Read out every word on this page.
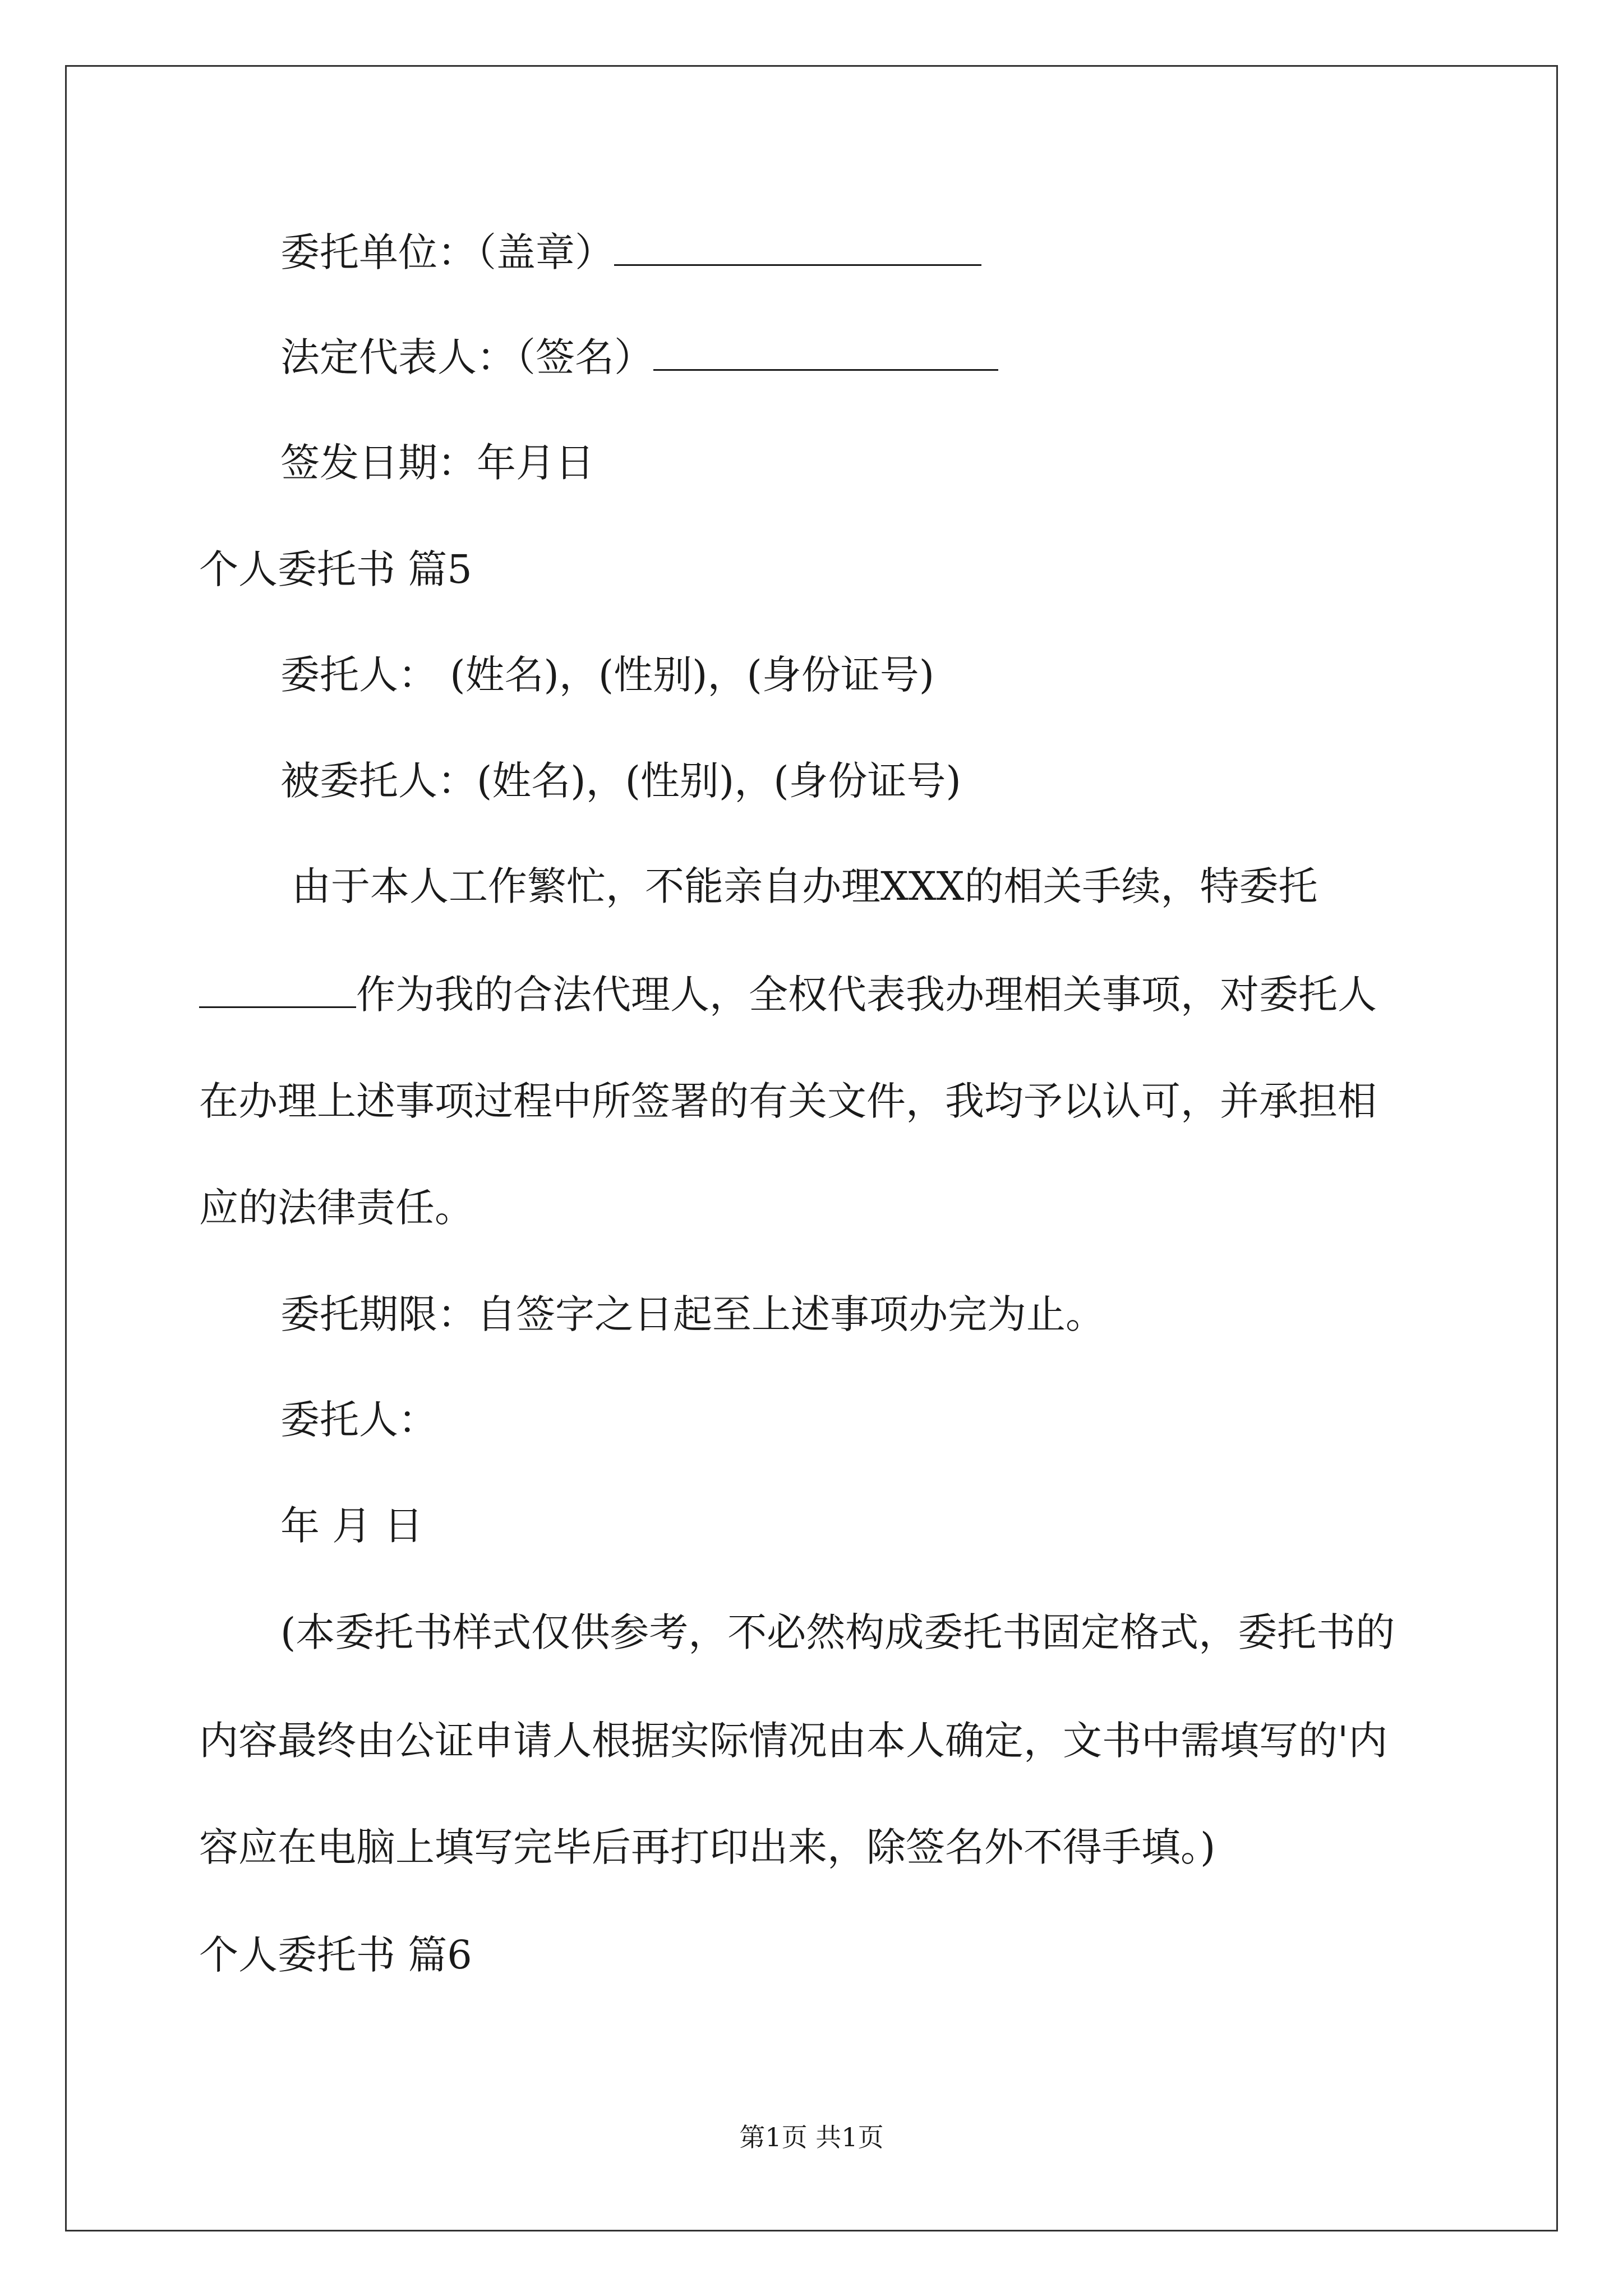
委托单位：（盖章）
法定代表人：（签名）
签发日期：年月日
个人委托书 篇5
委托人： (姓名)，(性别)，(身份证号)
被委托人：(姓名)，(性别)，(身份证号)
由于本人工作繁忙，不能亲自办理XXX的相关手续，特委托
作为我的合法代理人，全权代表我办理相关事项，对委托人
在办理上述事项过程中所签署的有关文件，我均予以认可，并承担相
应的法律责任。
委托期限：自签字之日起至上述事项办完为止。
委托人：
年 月 日
(本委托书样式仅供参考，不必然构成委托书固定格式，委托书的
内容最终由公证申请人根据实际情况由本人确定，文书中需填写的'内
容应在电脑上填写完毕后再打印出来，除签名外不得手填。)
个人委托书 篇6
第1页 共1页
